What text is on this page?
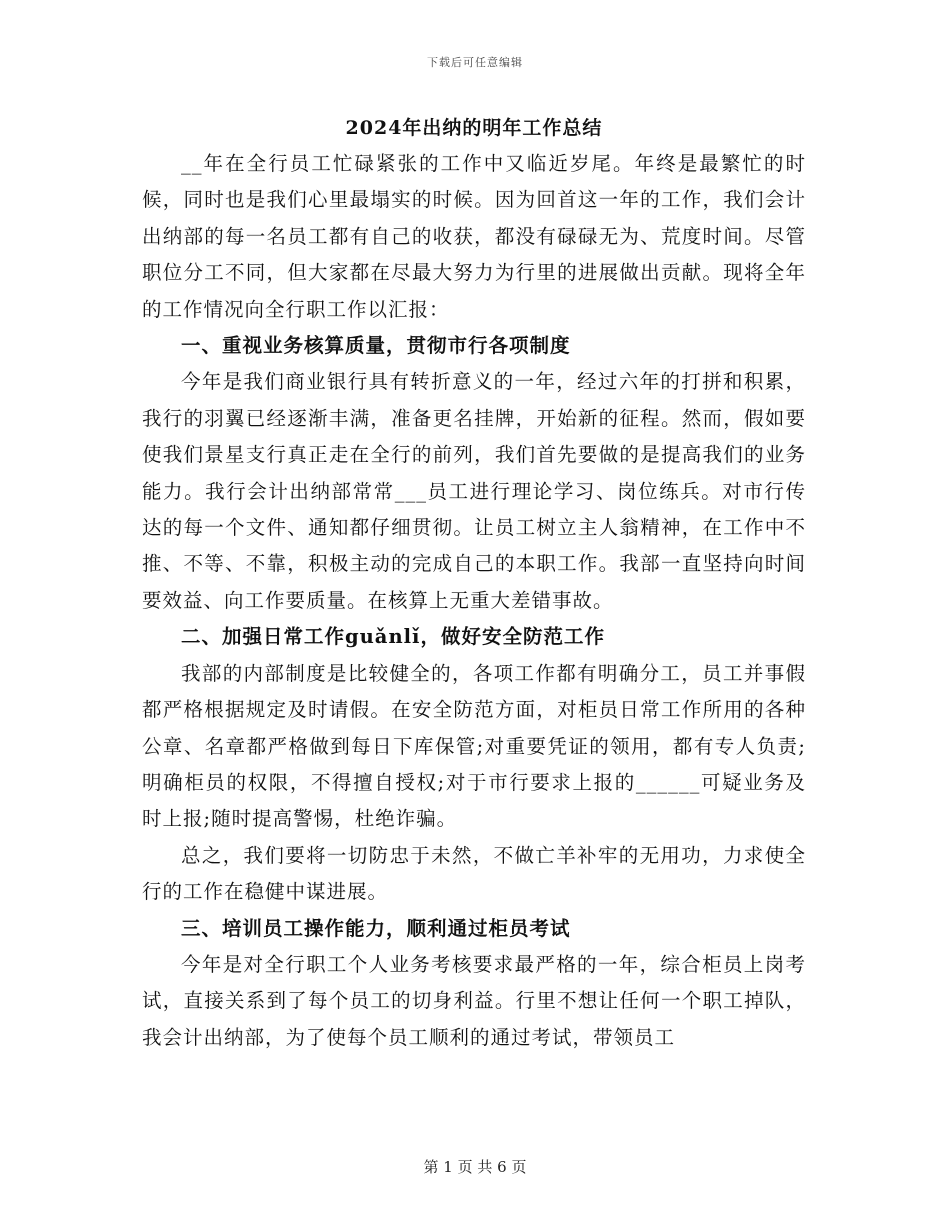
下载后可任意编辑
2024年出纳的明年工作总结

__年在全行员工忙碌紧张的工作中又临近岁尾。年终是最繁忙的时候，同时也是我们心里最塌实的时候。因为回首这一年的工作，我们会计出纳部的每一名员工都有自己的收获，都没有碌碌无为、荒度时间。尽管职位分工不同，但大家都在尽最大努力为行里的进展做出贡献。现将全年的工作情况向全行职工作以汇报：

一、重视业务核算质量，贯彻市行各项制度

今年是我们商业银行具有转折意义的一年，经过六年的打拼和积累，我行的羽翼已经逐渐丰满，准备更名挂牌，开始新的征程。然而，假如要使我们景星支行真正走在全行的前列，我们首先要做的是提高我们的业务能力。我行会计出纳部常常___员工进行理论学习、岗位练兵。对市行传达的每一个文件、通知都仔细贯彻。让员工树立主人翁精神，在工作中不推、不等、不靠，积极主动的完成自己的本职工作。我部一直坚持向时间要效益、向工作要质量。在核算上无重大差错事故。

二、加强日常工作guǎnlǐ，做好安全防范工作

我部的内部制度是比较健全的，各项工作都有明确分工，员工并事假都严格根据规定及时请假。在安全防范方面，对柜员日常工作所用的各种公章、名章都严格做到每日下库保管;对重要凭证的领用，都有专人负责;明确柜员的权限，不得擅自授权;对于市行要求上报的______可疑业务及时上报;随时提高警惕，杜绝诈骗。

总之，我们要将一切防忠于未然，不做亡羊补牢的无用功，力求使全行的工作在稳健中谋进展。

三、培训员工操作能力，顺利通过柜员考试

今年是对全行职工个人业务考核要求最严格的一年，综合柜员上岗考试，直接关系到了每个员工的切身利益。行里不想让任何一个职工掉队，我会计出纳部，为了使每个员工顺利的通过考试，带领员工

第 1 页 共 6 页
